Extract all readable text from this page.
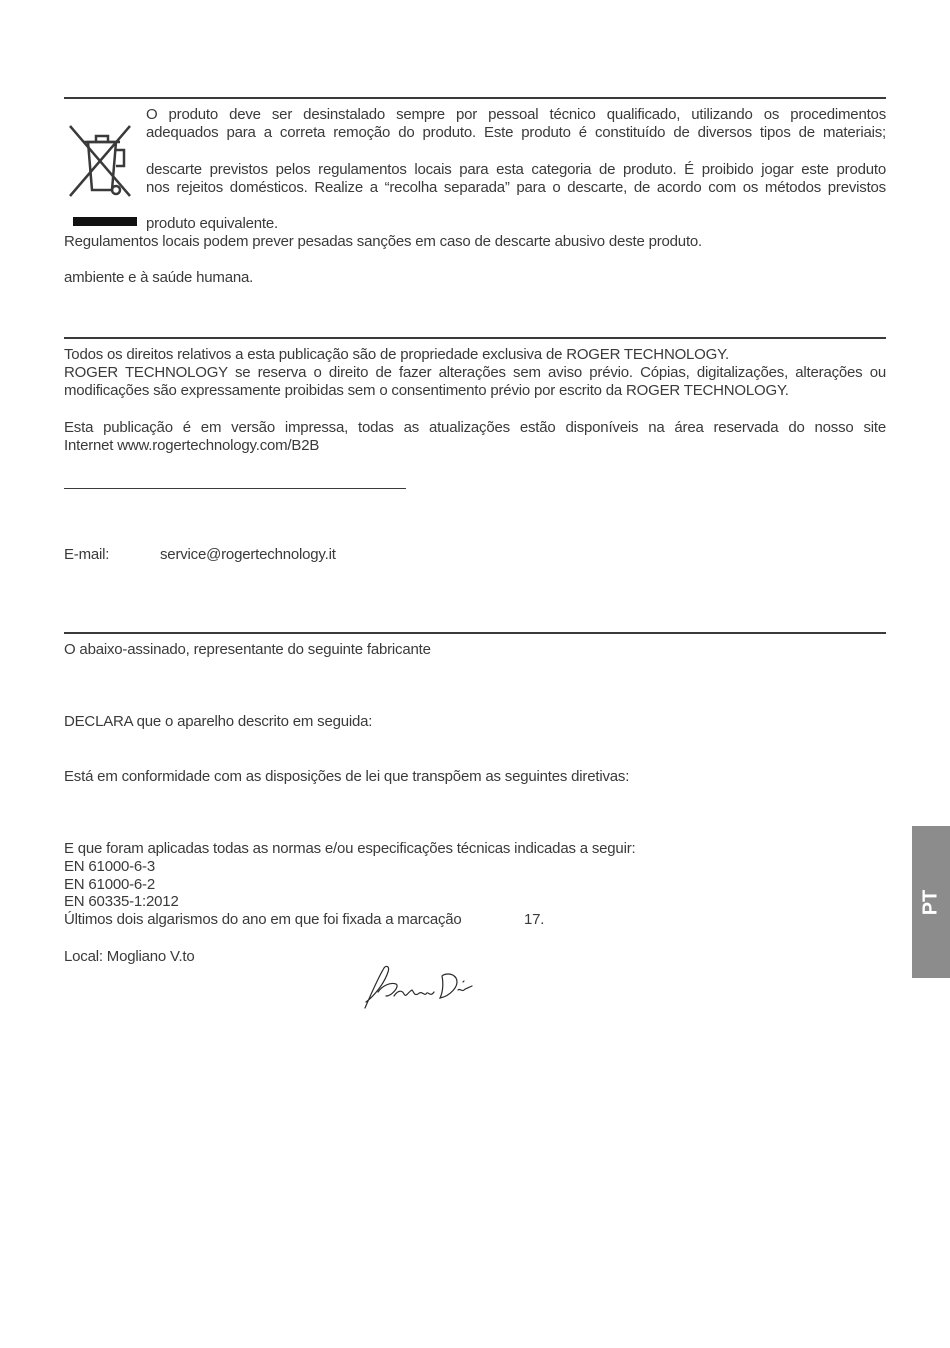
O produto deve ser desinstalado sempre por pessoal técnico qualificado, utilizando os procedimentos
adequados para a correta remoção do produto. Este produto é constituído de diversos tipos de materiais;
descarte previstos pelos regulamentos locais para esta categoria de produto. É proibido jogar este produto
nos rejeitos domésticos. Realize a “recolha separada” para o descarte, de acordo com os métodos previstos
produto equivalente.
Regulamentos locais podem prever pesadas sanções em caso de descarte abusivo deste produto.
ambiente e à saúde humana.
Todos os direitos relativos a esta publicação são de propriedade exclusiva de ROGER TECHNOLOGY.
ROGER TECHNOLOGY se reserva o direito de fazer alterações sem aviso prévio. Cópias, digitalizações, alterações ou
modificações são expressamente proibidas sem o consentimento prévio por escrito da ROGER TECHNOLOGY.
Esta publicação é em versão impressa, todas as atualizações estão disponíveis na área reservada do nosso site
Internet www.rogertechnology.com/B2B
E-mail:	service@rogertechnology.it
O abaixo-assinado, representante do seguinte fabricante
DECLARA que o aparelho descrito em seguida:
Está em conformidade com as disposições de lei que transpõem as seguintes diretivas:
E que foram aplicadas todas as normas e/ou especificações técnicas indicadas a seguir:
EN 61000-6-3
EN 61000-6-2
EN 60335-1:2012
Últimos dois algarismos do ano em que foi fixada a marcação	17.
Local: Mogliano V.to
PT
